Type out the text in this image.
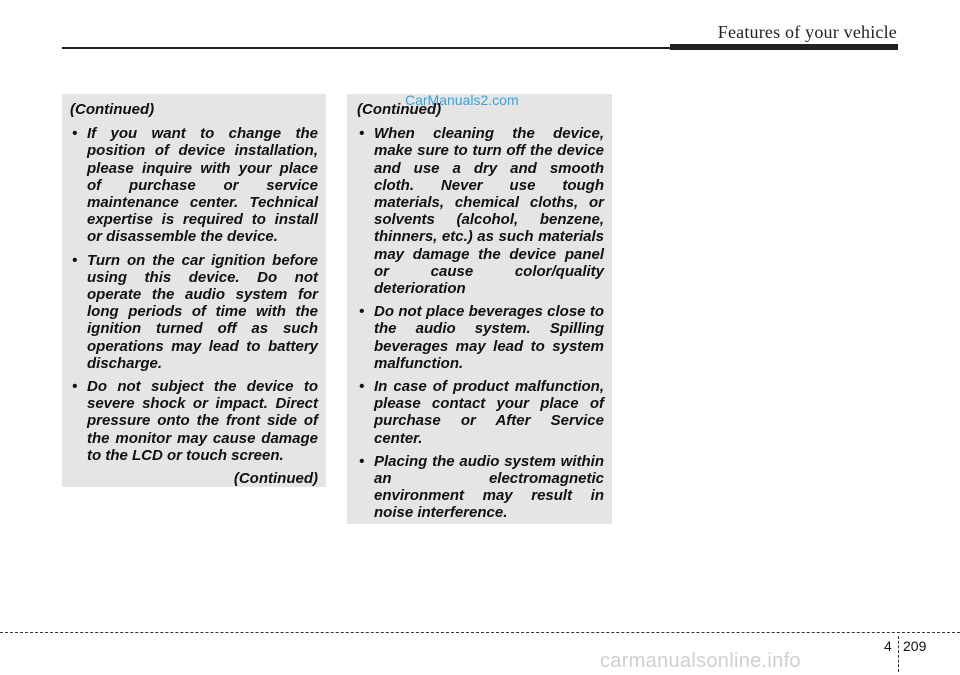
Features of your vehicle
(Continued)
• If you want to change the position of device installation, please inquire with your place of purchase or service maintenance center. Technical expertise is required to install or disassemble the device.
• Turn on the car ignition before using this device. Do not operate the audio system for long periods of time with the ignition turned off as such operations may lead to battery discharge.
• Do not subject the device to severe shock or impact. Direct pressure onto the front side of the monitor may cause damage to the LCD or touch screen.
(Continued)
(Continued)
• When cleaning the device, make sure to turn off the device and use a dry and smooth cloth. Never use tough materials, chemical cloths, or solvents (alcohol, benzene, thinners, etc.) as such materials may damage the device panel or cause color/quality deterioration
• Do not place beverages close to the audio system. Spilling beverages may lead to system malfunction.
• In case of product malfunction, please contact your place of purchase or After Service center.
• Placing the audio system within an electromagnetic environment may result in noise interference.
CarManuals2.com
4 209
carmanualsonline.info
